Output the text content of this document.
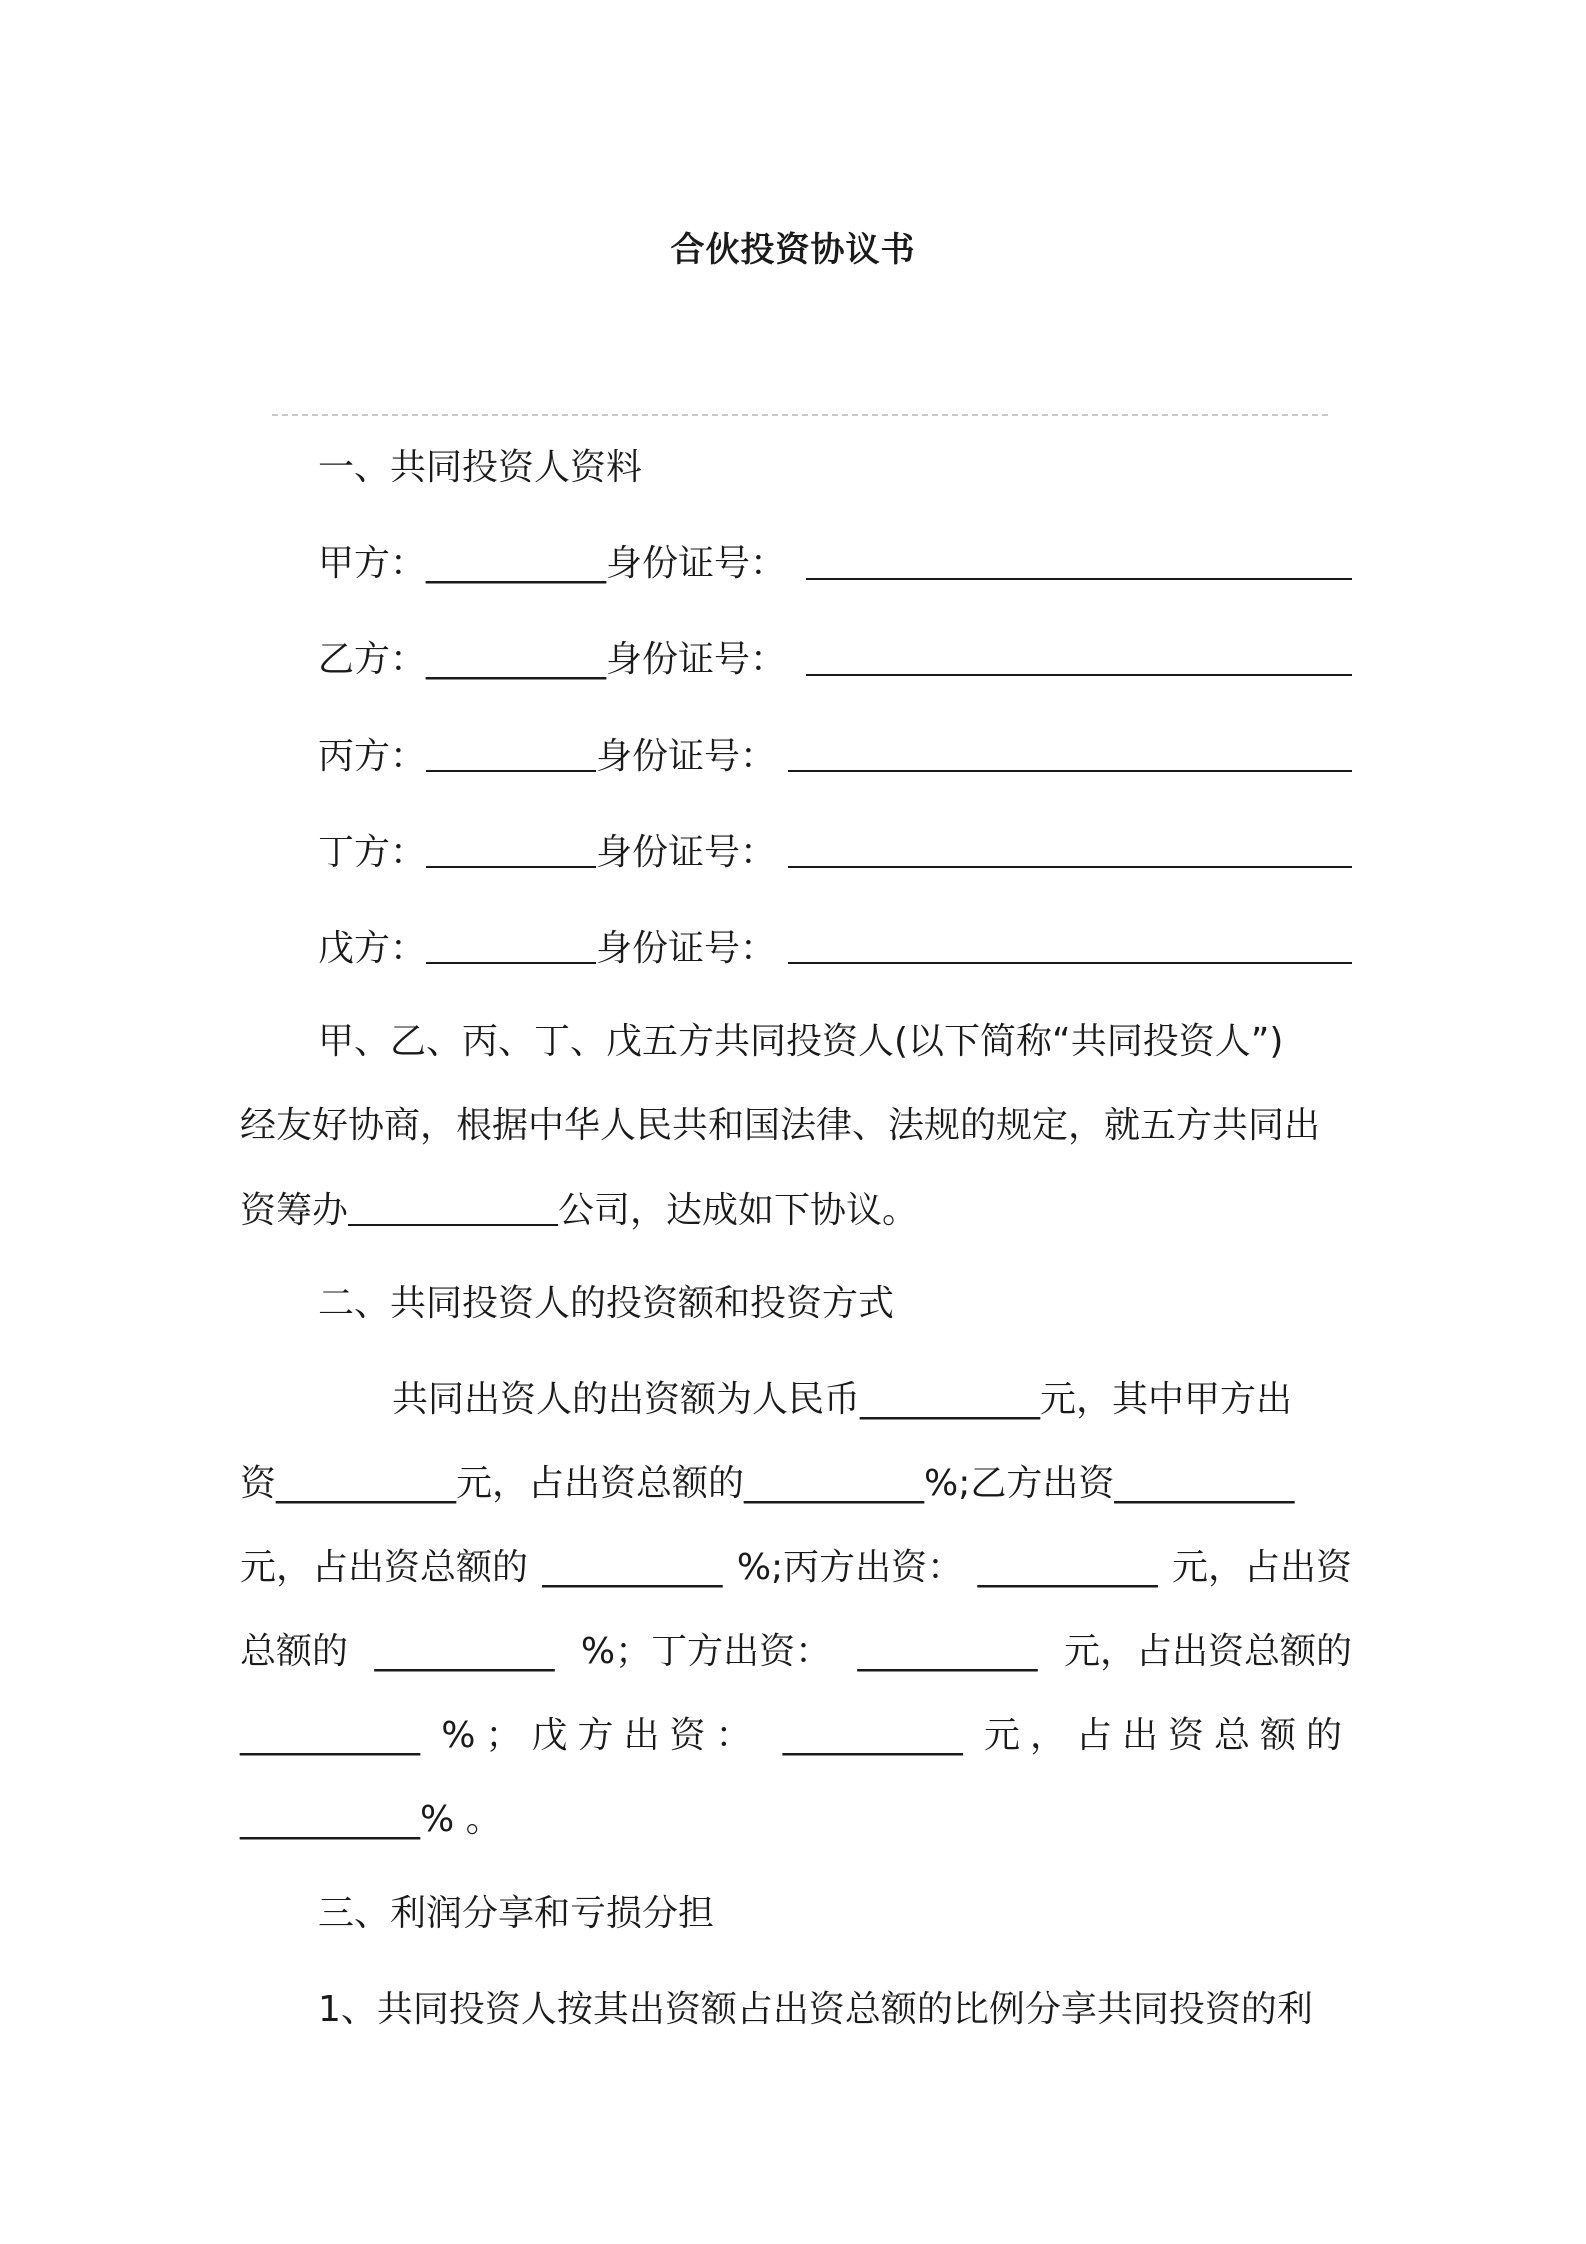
合伙投资协议书
一、共同投资人资料
甲方：__________身份证号：
乙方：__________身份证号：
丙方：	身份证号：
丁方：	身份证号：
戊方：	身份证号：
甲、乙、丙、丁、戊五方共同投资人(以下简称“共同投资人”)
经友好协商，根据中华人民共和国法律、法规的规定，就五方共同出
资筹办	公司，达成如下协议。
二、共同投资人的投资额和投资方式
共同出资人的出资额为人民币__________元，其中甲方出
资__________元，占出资总额的__________%;乙方出资__________
元，占出资总额的 __________ %;丙方出资： __________ 元，占出资
总额的 __________ %；丁方出资： __________ 元，占出资总额的
__________ %；戊方出资： __________ 元，占出资总额的
__________% 。
三、利润分享和亏损分担
1、共同投资人按其出资额占出资总额的比例分享共同投资的利
